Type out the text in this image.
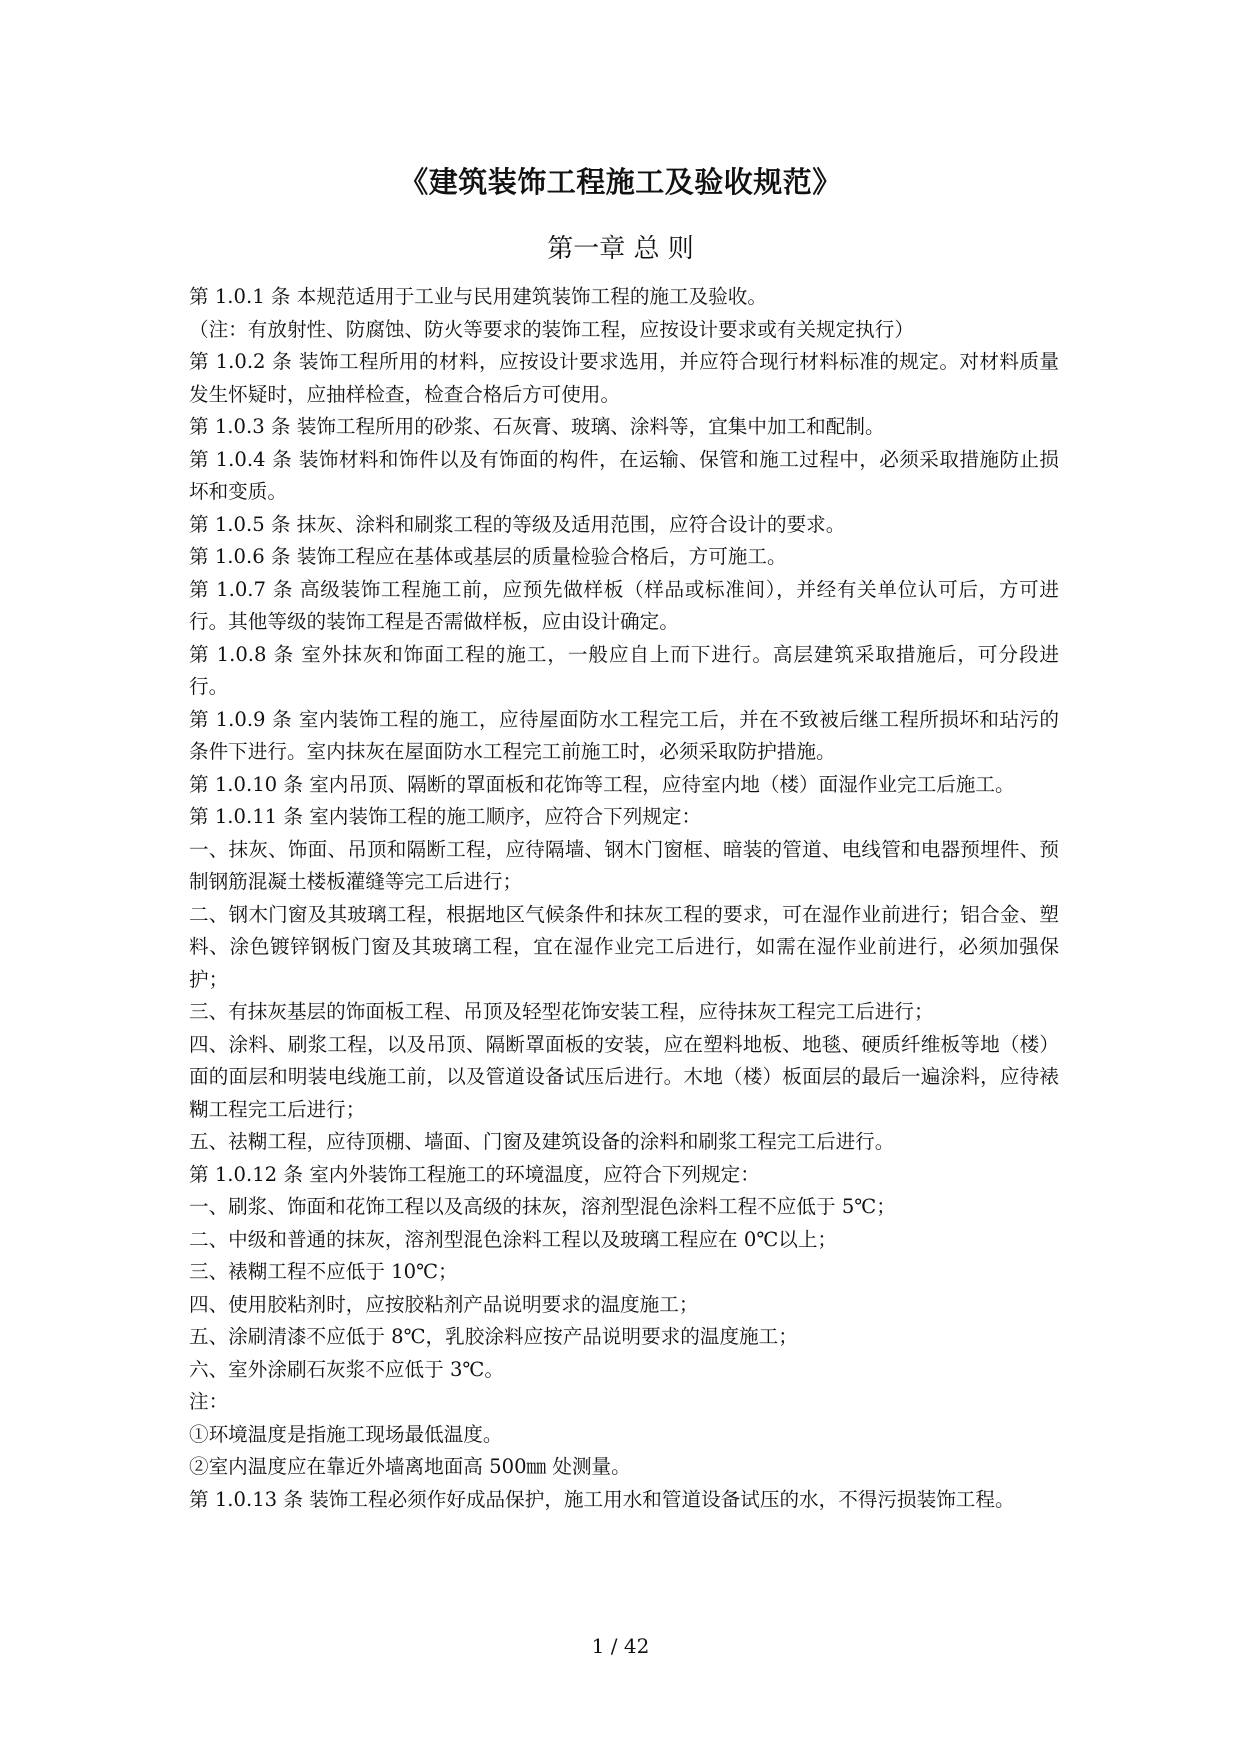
《建筑装饰工程施工及验收规范》
第一章 总 则

第 1.0.1 条 本规范适用于工业与民用建筑装饰工程的施工及验收。

（注：有放射性、防腐蚀、防火等要求的装饰工程，应按设计要求或有关规定执行）

第 1.0.2 条 装饰工程所用的材料，应按设计要求选用，并应符合现行材料标准的规定。对材料质量发生怀疑时，应抽样检查，检查合格后方可使用。

第 1.0.3 条 装饰工程所用的砂浆、石灰膏、玻璃、涂料等，宜集中加工和配制。

第 1.0.4 条 装饰材料和饰件以及有饰面的构件，在运输、保管和施工过程中，必须采取措施防止损坏和变质。

第 1.0.5 条 抹灰、涂料和刷浆工程的等级及适用范围，应符合设计的要求。

第 1.0.6 条 装饰工程应在基体或基层的质量检验合格后，方可施工。

第 1.0.7 条 高级装饰工程施工前，应预先做样板（样品或标准间），并经有关单位认可后，方可进行。其他等级的装饰工程是否需做样板，应由设计确定。

第 1.0.8 条 室外抹灰和饰面工程的施工，一般应自上而下进行。高层建筑采取措施后，可分段进行。

第 1.0.9 条 室内装饰工程的施工，应待屋面防水工程完工后，并在不致被后继工程所损坏和玷污的条件下进行。室内抹灰在屋面防水工程完工前施工时，必须采取防护措施。

第 1.0.10 条 室内吊顶、隔断的罩面板和花饰等工程，应待室内地（楼）面湿作业完工后施工。

第 1.0.11 条 室内装饰工程的施工顺序，应符合下列规定：

一、抹灰、饰面、吊顶和隔断工程，应待隔墙、钢木门窗框、暗装的管道、电线管和电器预埋件、预制钢筋混凝土楼板灌缝等完工后进行；

二、钢木门窗及其玻璃工程，根据地区气候条件和抹灰工程的要求，可在湿作业前进行；铝合金、塑料、涂色镀锌钢板门窗及其玻璃工程，宜在湿作业完工后进行，如需在湿作业前进行，必须加强保护；

三、有抹灰基层的饰面板工程、吊顶及轻型花饰安装工程，应待抹灰工程完工后进行；

四、涂料、刷浆工程，以及吊顶、隔断罩面板的安装，应在塑料地板、地毯、硬质纤维板等地（楼）面的面层和明装电线施工前，以及管道设备试压后进行。木地（楼）板面层的最后一遍涂料，应待裱糊工程完工后进行；

五、祛糊工程，应待顶棚、墙面、门窗及建筑设备的涂料和刷浆工程完工后进行。

第 1.0.12 条 室内外装饰工程施工的环境温度，应符合下列规定：

一、刷浆、饰面和花饰工程以及高级的抹灰，溶剂型混色涂料工程不应低于 5℃；

二、中级和普通的抹灰，溶剂型混色涂料工程以及玻璃工程应在 0℃以上；

三、裱糊工程不应低于 10℃；

四、使用胶粘剂时，应按胶粘剂产品说明要求的温度施工；

五、涂刷清漆不应低于 8℃，乳胶涂料应按产品说明要求的温度施工；

六、室外涂刷石灰浆不应低于 3℃。

注：

①环境温度是指施工现场最低温度。

②室内温度应在靠近外墙离地面高 500㎜ 处测量。

第 1.0.13 条 装饰工程必须作好成品保护，施工用水和管道设备试压的水，不得污损装饰工程。

1 / 42
